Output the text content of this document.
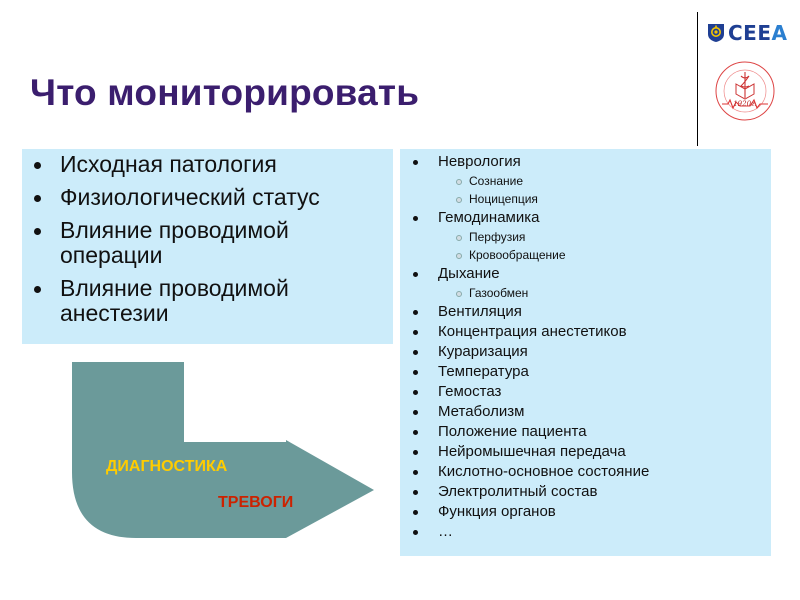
Что мониторировать
CEEA
1920г.
Исходная патология
Физиологический статус
Влияние проводимой операции
Влияние проводимой анестезии
Неврология
Сознание
Ноцицепция
Гемодинамика
Перфузия
Кровообращение
Дыхание
Газообмен
Вентиляция
Концентрация анестетиков
Кураризация
Температура
Гемостаз
Метаболизм
Положение пациента
Нейромышечная передача
Кислотно-основное состояние
Электролитный состав
Функция органов
…
ДИАГНОСТИКА
ТРЕВОГИ
